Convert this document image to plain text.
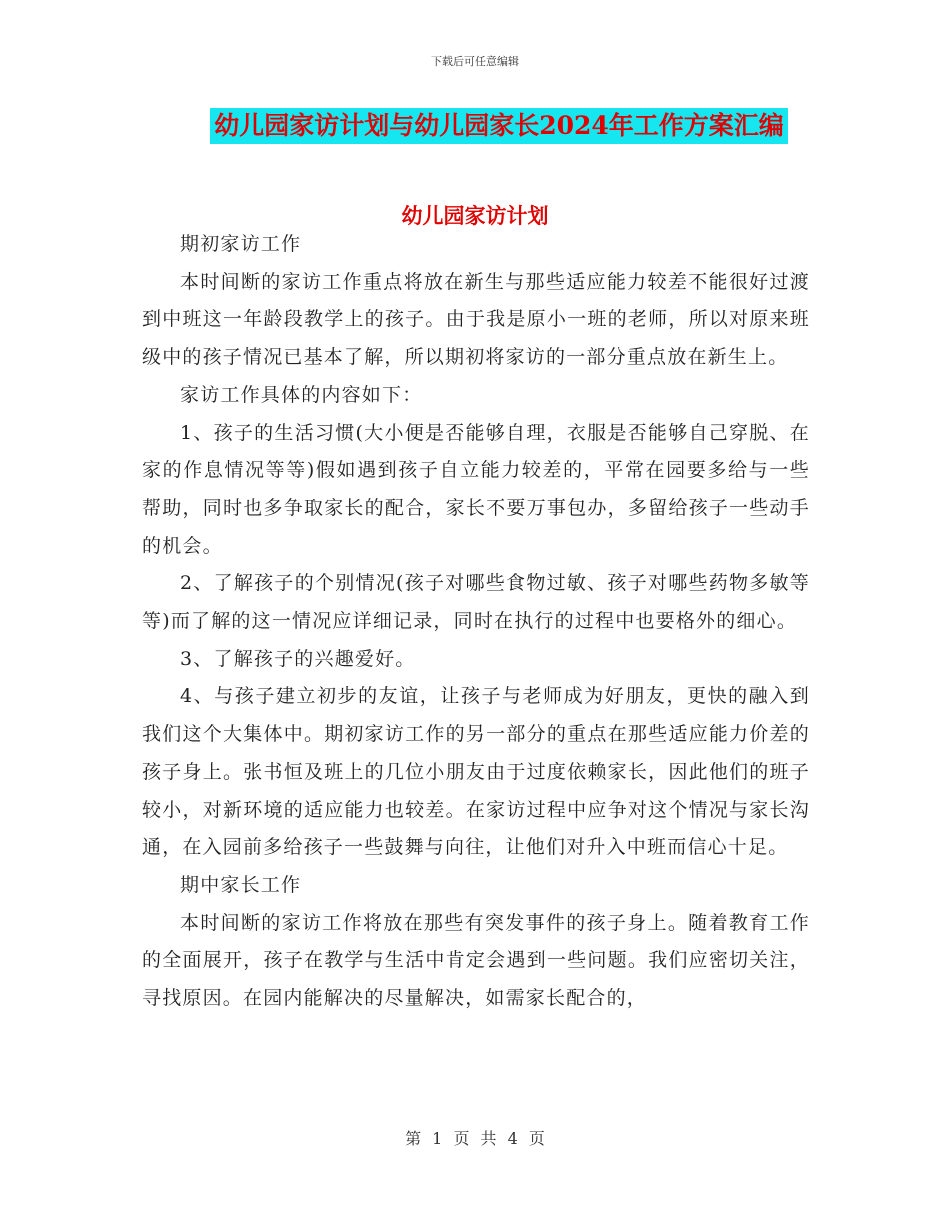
下载后可任意编辑
幼儿园家访计划与幼儿园家长2024年工作方案汇编
幼儿园家访计划

期初家访工作

本时间断的家访工作重点将放在新生与那些适应能力较差不能很好过渡到中班这一年龄段教学上的孩子。由于我是原小一班的老师，所以对原来班级中的孩子情况已基本了解，所以期初将家访的一部分重点放在新生上。

家访工作具体的内容如下：

1、孩子的生活习惯(大小便是否能够自理，衣服是否能够自己穿脱、在家的作息情况等等)假如遇到孩子自立能力较差的，平常在园要多给与一些帮助，同时也多争取家长的配合，家长不要万事包办，多留给孩子一些动手的机会。

2、了解孩子的个别情况(孩子对哪些食物过敏、孩子对哪些药物多敏等等)而了解的这一情况应详细记录，同时在执行的过程中也要格外的细心。

3、了解孩子的兴趣爱好。

4、与孩子建立初步的友谊，让孩子与老师成为好朋友，更快的融入到我们这个大集体中。期初家访工作的另一部分的重点在那些适应能力价差的孩子身上。张书恒及班上的几位小朋友由于过度依赖家长，因此他们的班子较小，对新环境的适应能力也较差。在家访过程中应争对这个情况与家长沟通，在入园前多给孩子一些鼓舞与向往，让他们对升入中班而信心十足。

期中家长工作

本时间断的家访工作将放在那些有突发事件的孩子身上。随着教育工作的全面展开，孩子在教学与生活中肯定会遇到一些问题。我们应密切关注，寻找原因。在园内能解决的尽量解决，如需家长配合的，

第 1 页 共 4 页
